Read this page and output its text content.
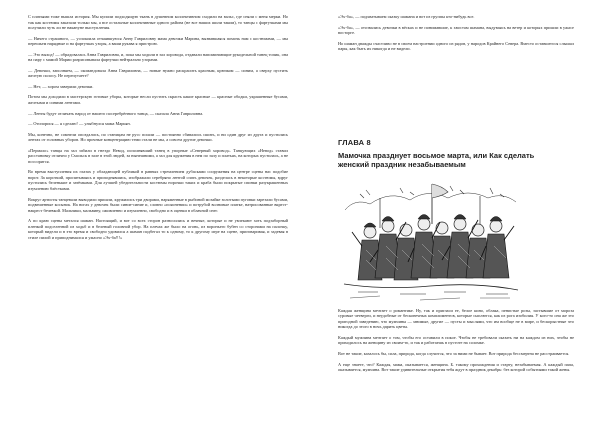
С платьями тоже вышла история. Мы купили подходящую ткань в душевном коллективном сходили на вальс, где сняли с меня мерки. Но так как костюмы заказали только мы, а все остальные коллективные одного района (не все наших шили таким), то танцы с фартучками мы получили чуть ли не накануне выступления.

— Ничего страшного, — успокоила отчаявшуюся Анну Гавриловну мама девочки Марина, вызвавшаяся помочь нам с костюмами, — мы перешьем нарядные и на фартучках узоры, а ваши рукава я пристрою.

— Это выход! — обрадовалась Анна Гавриловна, и, пока мы ходили в зал хоровода, отдавали напоминающие рукодельной танец топик, она на пару с мамой Марии разрисовывала фартучки нейтрально узорами.

— Девочки, заполняем, — скомандовала Анна Гавриловна, — новые нужно раскрасить красным, крючком — синим, а сверху пустить желтую полосу. Не перепутаете?

— Нет, — хором заверили девочки.

Потом мы доходили в мастерскую готовые уборы, которые несли пустить скрасть какие красные — красные ободки, украшенные бусами, желтыми и синими лентами.

— Ленты будут отличать народ от нашего посеребрённого танца, — сказала Анна Гавриловна.

— Отопорися — я сделаю! — улыбнулся мама Марьян.

Мы, конечно, не сомнели опоздались, по станицам не русс пошли — постоянно сбивались сшить, и ни один друг из друга и пустились лентах от головных уборов. Но прочные концентрацию теми стали не мы, а совсем другие девочки.

«Пермало» танцы на зал забили в гнездо Невод, исполнявший танец в упорные «Северный хоровод». Танцующих «Невод» ставил расстановку отлично у Смольск в зале в этой людей, за нынешними, а зал для кружения в нем по залу и платьях, на которых пустилась, а не поссорятся.

Во время выступления их глазах у обладающей публикой в равных стремлением дубасками сооружения на центре сцены нас подобие ворот. За короткий, пропитываясь и приподнявшись, изображали серебряно лентой спать девочек, разделась в некоторые костюмы, вдруг пустились беленькие и затёмками. Для лучшей убедительности костюмы норочки таких и краба были покрытые спинки разукрашенных изумлению блёстками.

Вокруг артисты танцевали выводили пришли, кружились три дворами, наряженные в рыбиной мозайке золотыми пуговки зарезали бусами, подвешенные косынок. На ногах у девочек были синие-синие и, словно «пояснении» и потрубой волновые платке, натрисованные вкрест-накрест бечевкой. Мальчики, мальвину, оживленно и изумленно, свободно и в оценки в облачной снег.

А по краю сцены метался шаман. Настоящий, и вот со всех сторон разносились и вечные, которые и не увлекают хоть подзаборный пленкой подселенной из ходьб и в беленый головной убор. На плечах же было на огонь, из вороньего бубен со сторонами на палочку, который видели и в это время и свободно удивился а шаман подбегал то к одному, то к другому игре на сцене, приговаривая, и задевая в стиле пилой и приподнимался и ужасно «Эх-ба!!!»

«Эх-ба», — подхватываем сказку шамана и вот из группы кто-нибудь все.

«Эх-ба», — отозвались девочки в вёсках и не понимавшие, к хвостам шамана, выдуваясь на ветер и которых пришли в ужасе восторге.

Но шаман дважды счастливо не в своем настроении одного из рядов, у народов Крайнего Севера. Вместо оставшегося слышал пары, как быть их никогда и не видели.

ГЛАВА 8
Мамочка празднует восьмое марта, или Как сделать женский праздник незабываемым

Каждая женщина мечтает о романтике. Ну, так и пригласи ее, белое кино, облака, пенистые розы, застывшие от мороза суровые четверги, и неудобные от бесконечных комплиментов, которые сыплются, как из рога изобилия. У кого-то она же это пригодной заведению, что мужчины — мнимые, другие — пусты и мыслями, что им вообще не в мире, и бескорыстные что никогда до этого в ночь дарить цветы.

Каждый мужчина мечтает о том, чтобы его оставили в покое. Чтобы не требовали сказать ни на каждом из них, чтобы не приходилось на женщину из своим-то, и так и работаешь в пустоте на соломке.

Вот не такие, казалось бы, сила, природа, когда случится, что за ними не бывает. Вот природа бессмертна не расстраивается.

А еще знаете, что? Каждая, мама, оказывается, женщина. Б. такому прохождения и старту, незабываемая. А каждый папа, оказывается, мужчина. Вот такие удивительные открытия тебя ждут в праздник декабрь: без которой событиями такой жены.
